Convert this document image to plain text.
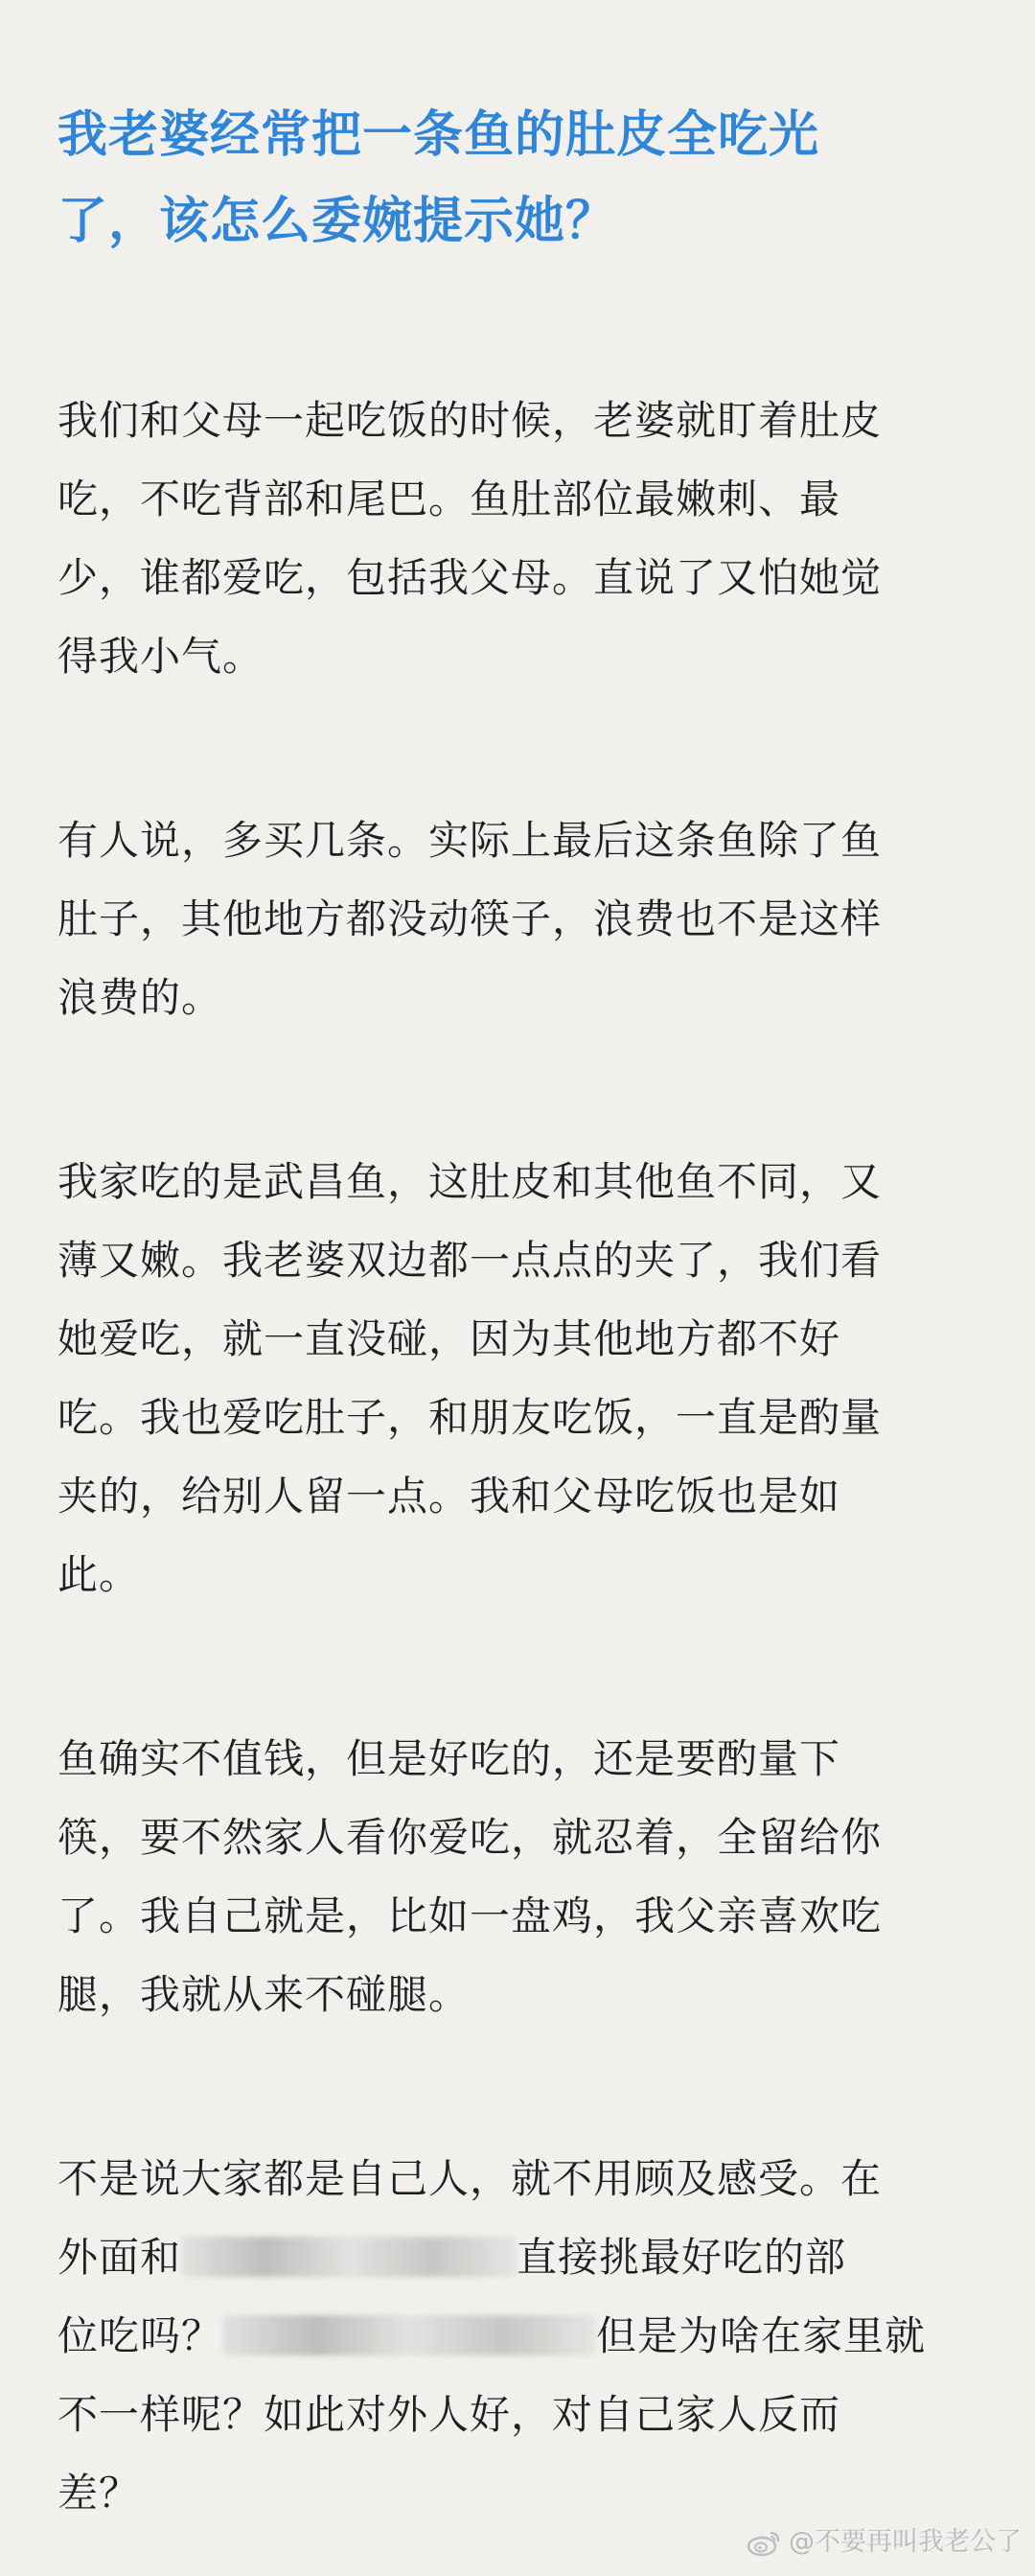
我老婆经常把一条鱼的肚皮全吃光
了，该怎么委婉提示她？

我们和父母一起吃饭的时候，老婆就盯着肚皮
吃，不吃背部和尾巴。鱼肚部位最嫩刺、最
少，谁都爱吃，包括我父母。直说了又怕她觉
得我小气。

有人说，多买几条。实际上最后这条鱼除了鱼
肚子，其他地方都没动筷子，浪费也不是这样
浪费的。

我家吃的是武昌鱼，这肚皮和其他鱼不同，又
薄又嫩。我老婆双边都一点点的夹了，我们看
她爱吃，就一直没碰，因为其他地方都不好
吃。我也爱吃肚子，和朋友吃饭，一直是酌量
夹的，给别人留一点。我和父母吃饭也是如
此。

鱼确实不值钱，但是好吃的，还是要酌量下
筷，要不然家人看你爱吃，就忍着，全留给你
了。我自己就是，比如一盘鸡，我父亲喜欢吃
腿，我就从来不碰腿。

不是说大家都是自己人，就不用顾及感受。在
外面和	直接挑最好吃的部
位吃吗？	但是为啥在家里就
不一样呢？如此对外人好，对自己家人反而
差？

@不要再叫我老公了
